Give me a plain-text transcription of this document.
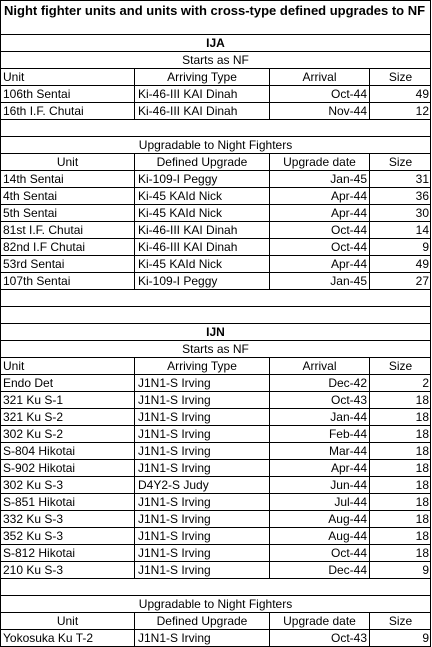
Night fighter units and units with cross-type defined upgrades to NF
IJA
Starts as NF
Unit	Arriving Type	Arrival	Size
106th Sentai	Ki-46-III KAI Dinah	Oct-44	49
16th I.F. Chutai	Ki-46-III KAI Dinah	Nov-44	12
Upgradable to Night Fighters
Unit	Defined Upgrade	Upgrade date	Size
14th Sentai	Ki-109-I Peggy	Jan-45	31
4th Sentai	Ki-45 KAId Nick	Apr-44	36
5th Sentai	Ki-45 KAId Nick	Apr-44	30
81st I.F. Chutai	Ki-46-III KAI Dinah	Oct-44	14
82nd I.F Chutai	Ki-46-III KAI Dinah	Oct-44	9
53rd Sentai	Ki-45 KAId Nick	Apr-44	49
107th Sentai	Ki-109-I Peggy	Jan-45	27
IJN
Starts as NF
Unit	Arriving Type	Arrival	Size
Endo Det	J1N1-S Irving	Dec-42	2
321 Ku S-1	J1N1-S Irving	Oct-43	18
321 Ku S-2	J1N1-S Irving	Jan-44	18
302 Ku S-2	J1N1-S Irving	Feb-44	18
S-804 Hikotai	J1N1-S Irving	Mar-44	18
S-902 Hikotai	J1N1-S Irving	Apr-44	18
302 Ku S-3	D4Y2-S Judy	Jun-44	18
S-851 Hikotai	J1N1-S Irving	Jul-44	18
332 Ku S-3	J1N1-S Irving	Aug-44	18
352 Ku S-3	J1N1-S Irving	Aug-44	18
S-812 Hikotai	J1N1-S Irving	Oct-44	18
210 Ku S-3	J1N1-S Irving	Dec-44	9
Upgradable to Night Fighters
Unit	Defined Upgrade	Upgrade date	Size
Yokosuka Ku T-2	J1N1-S Irving	Oct-43	9
